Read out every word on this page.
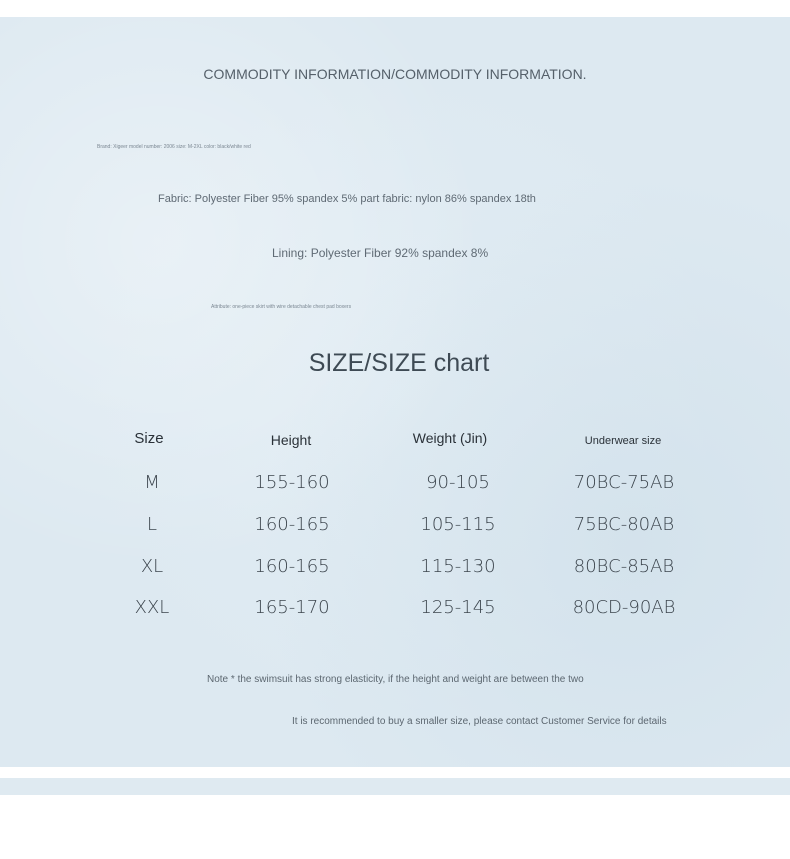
COMMODITY INFORMATION/COMMODITY INFORMATION.
Brand: Xigeer model number: 2006 size: M-2XL color: black/white red
Fabric: Polyester Fiber 95% spandex 5% part fabric: nylon 86% spandex 18th
Lining: Polyester Fiber 92% spandex 8%
Attribute: one-piece skirt with wire detachable chest pad boxers
SIZE/SIZE chart
Size	Height	Weight (Jin)	Underwear size
M	155-160	90-105	70BC-75AB
L	160-165	105-115	75BC-80AB
XL	160-165	115-130	80BC-85AB
XXL	165-170	125-145	80CD-90AB
Note * the swimsuit has strong elasticity, if the height and weight are between the two
It is recommended to buy a smaller size, please contact Customer Service for details
